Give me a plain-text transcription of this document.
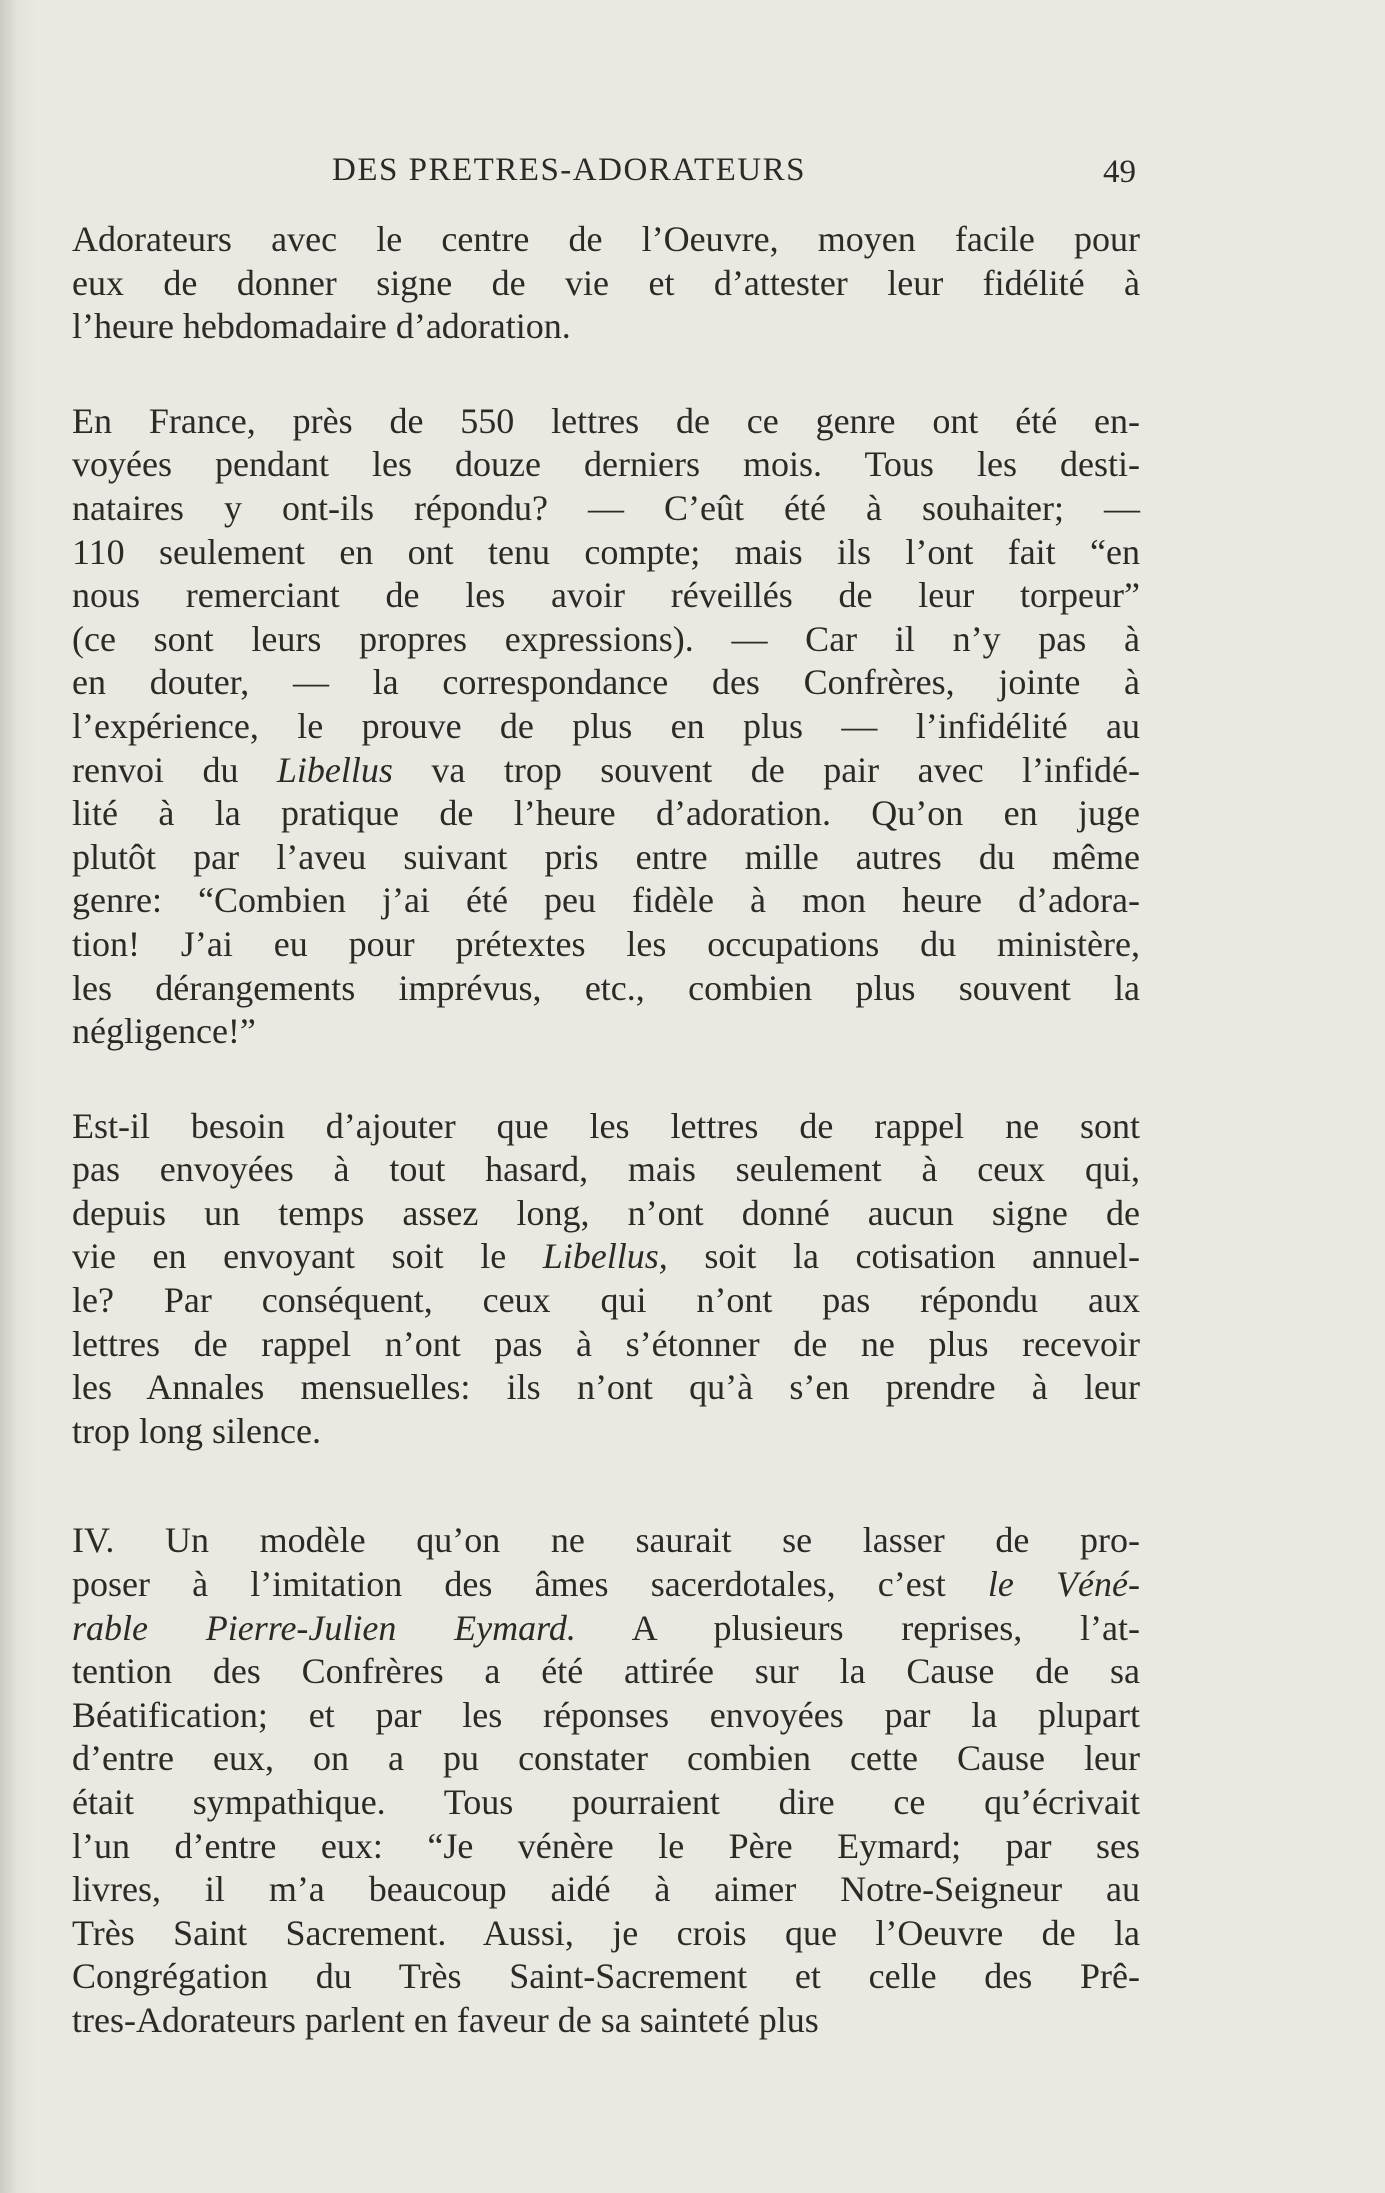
DES PRETRES-ADORATEURS	49
Adorateurs avec le centre de l’Oeuvre, moyen facile pour
eux de donner signe de vie et d’attester leur fidélité à
l’heure hebdomadaire d’adoration.
En France, près de 550 lettres de ce genre ont été en-
voyées pendant les douze derniers mois. Tous les desti-
nataires y ont-ils répondu? — C’eût été à souhaiter; —
110 seulement en ont tenu compte; mais ils l’ont fait “en
nous remerciant de les avoir réveillés de leur torpeur”
(ce sont leurs propres expressions). — Car il n’y pas à
en douter, — la correspondance des Confrères, jointe à
l’expérience, le prouve de plus en plus — l’infidélité au
renvoi du Libellus va trop souvent de pair avec l’infidé-
lité à la pratique de l’heure d’adoration. Qu’on en juge
plutôt par l’aveu suivant pris entre mille autres du même
genre: “Combien j’ai été peu fidèle à mon heure d’adora-
tion! J’ai eu pour prétextes les occupations du ministère,
les dérangements imprévus, etc., combien plus souvent la
négligence!”
Est-il besoin d’ajouter que les lettres de rappel ne sont
pas envoyées à tout hasard, mais seulement à ceux qui,
depuis un temps assez long, n’ont donné aucun signe de
vie en envoyant soit le Libellus, soit la cotisation annuel-
le? Par conséquent, ceux qui n’ont pas répondu aux
lettres de rappel n’ont pas à s’étonner de ne plus recevoir
les Annales mensuelles: ils n’ont qu’à s’en prendre à leur
trop long silence.
IV. Un modèle qu’on ne saurait se lasser de pro-
poser à l’imitation des âmes sacerdotales, c’est le Véné-
rable Pierre-Julien Eymard. A plusieurs reprises, l’at-
tention des Confrères a été attirée sur la Cause de sa
Béatification; et par les réponses envoyées par la plupart
d’entre eux, on a pu constater combien cette Cause leur
était sympathique. Tous pourraient dire ce qu’écrivait
l’un d’entre eux: “Je vénère le Père Eymard; par ses
livres, il m’a beaucoup aidé à aimer Notre-Seigneur au
Très Saint Sacrement. Aussi, je crois que l’Oeuvre de la
Congrégation du Très Saint-Sacrement et celle des Prê-
tres-Adorateurs parlent en faveur de sa sainteté plus
